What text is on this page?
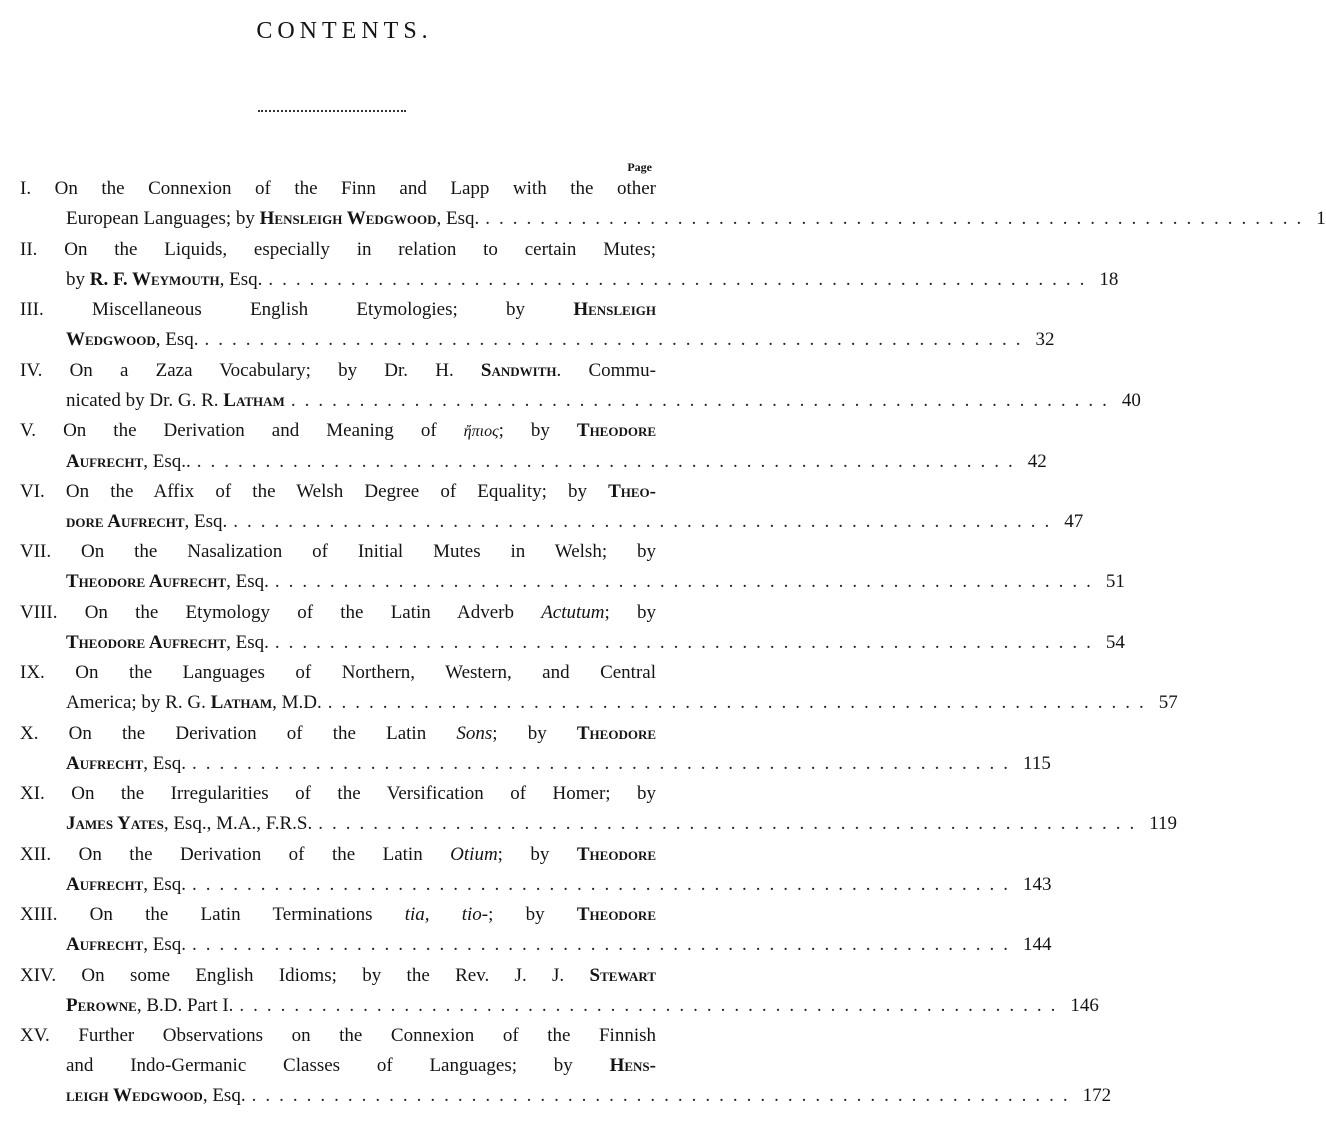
CONTENTS.
Page
I. On the Connexion of the Finn and Lapp with the other
European Languages; by Hensleigh Wedgwood, Esq. ............................................................ 1
II. On the Liquids, especially in relation to certain Mutes;
by R. F. Weymouth, Esq. ............................................................ 18
III.	Miscellaneous English Etymologies; by Hensleigh
Wedgwood, Esq. ............................................................ 32
IV. On a Zaza Vocabulary; by Dr. H. Sandwith. Commu-
nicated by Dr. G. R. Latham ............................................................ 40
V. On the Derivation and Meaning of ἤπιος; by Theodore
Aufrecht, Esq.. ............................................................ 42
VI. On the Affix of the Welsh Degree of Equality; by Theo-
dore Aufrecht, Esq. ............................................................ 47
VII. On the Nasalization of Initial Mutes in Welsh; by
Theodore Aufrecht, Esq. ............................................................ 51
VIII. On the Etymology of the Latin Adverb Actutum; by
Theodore Aufrecht, Esq. ............................................................ 54
IX. On the Languages of Northern, Western, and Central
America; by R. G. Latham, M.D. ............................................................ 57
X. On the Derivation of the Latin Sons; by Theodore
Aufrecht, Esq. ............................................................ 115
XI. On the Irregularities of the Versification of Homer; by
James Yates, Esq., M.A., F.R.S. ............................................................ 119
XII. On the Derivation of the Latin Otium; by Theodore
Aufrecht, Esq. ............................................................ 143
XIII. On the Latin Terminations tia, tio-; by Theodore
Aufrecht, Esq. ............................................................ 144
XIV. On some English Idioms; by the Rev. J. J. Stewart
Perowne, B.D. Part I. ............................................................ 146
XV. Further Observations on the Connexion of the Finnish
and Indo-Germanic Classes of Languages; by Hens-
leigh Wedgwood, Esq. ............................................................ 172
